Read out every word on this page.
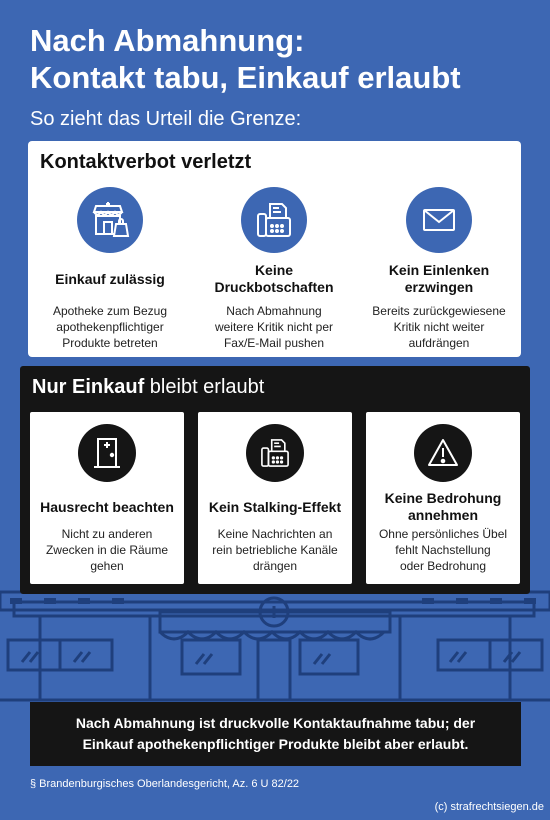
Nach Abmahnung:
Kontakt tabu, Einkauf erlaubt
So zieht das Urteil die Grenze:
Kontaktverbot verletzt
Einkauf zulässig
Apotheke zum Bezug
apothekenpflichtiger
Produkte betreten
Keine
Druckbotschaften
Nach Abmahnung
weitere Kritik nicht per
Fax/E-Mail pushen
Kein Einlenken
erzwingen
Bereits zurückgewiesene
Kritik nicht weiter
aufdrängen
Nur Einkauf bleibt erlaubt
Hausrecht beachten
Nicht zu anderen
Zwecken in die Räume
gehen
Kein Stalking-Effekt
Keine Nachrichten an
rein betriebliche Kanäle
drängen
Keine Bedrohung
annehmen
Ohne persönliches Übel
fehlt Nachstellung
oder Bedrohung
Nach Abmahnung ist druckvolle Kontaktaufnahme tabu; der
Einkauf apothekenpflichtiger Produkte bleibt aber erlaubt.
§ Brandenburgisches Oberlandesgericht, Az. 6 U 82/22
(c) strafrechtsiegen.de
